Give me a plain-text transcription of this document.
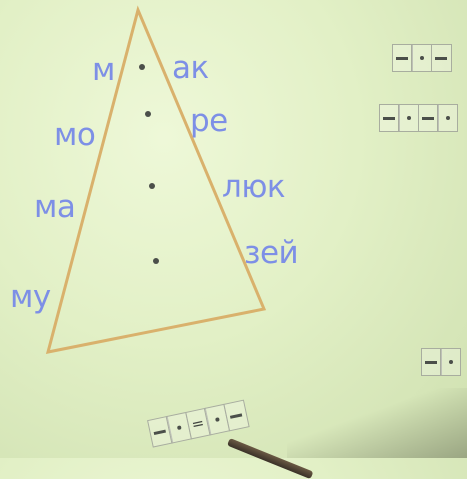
м
мо
ма
му
ак
ре
люк
зей
=
